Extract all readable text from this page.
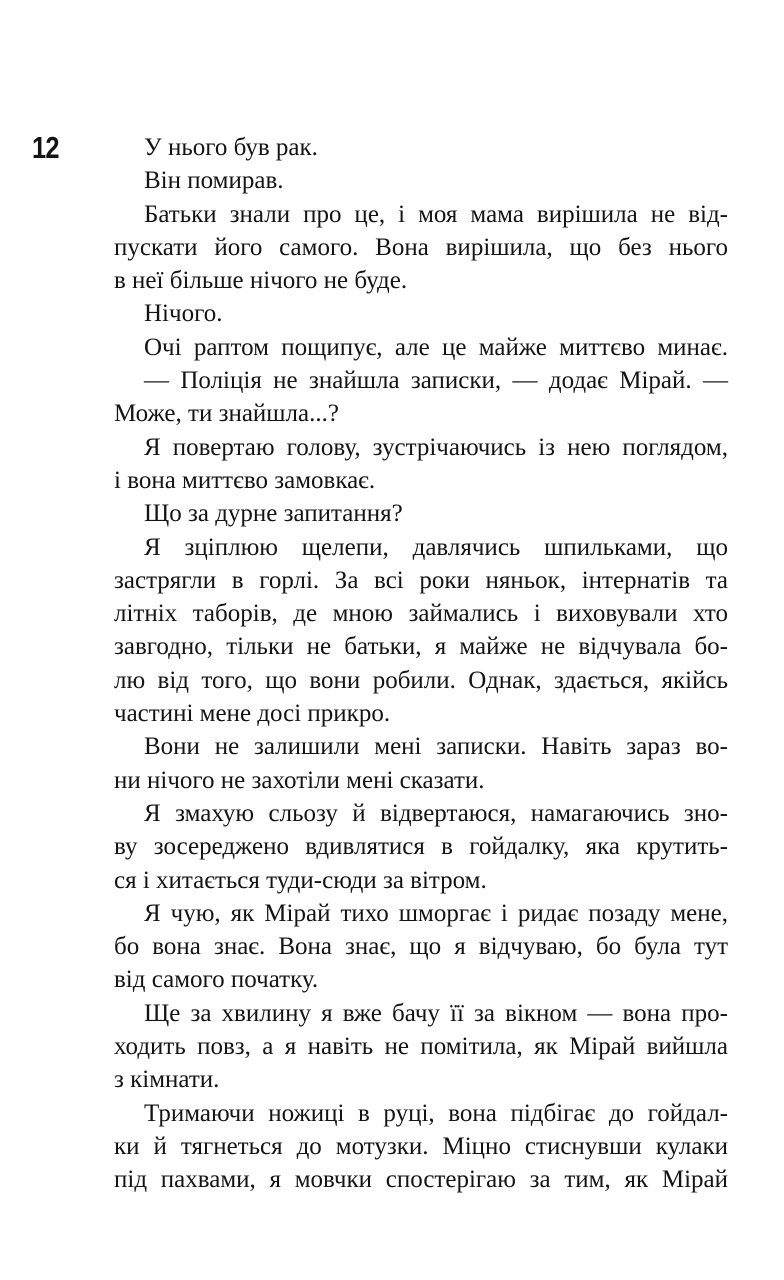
12	У нього був рак.
Він помирав.
Батьки знали про це, і моя мама вирішила не від-
пускати його самого. Вона вирішила, що без нього
в неї більше нічого не буде.
Нічого.
Очі раптом пощипує, але це майже миттєво минає.
— Поліція не знайшла записки, — додає Мірай. —
Може, ти знайшла...?
Я повертаю голову, зустрічаючись із нею поглядом,
і вона миттєво замовкає.
Що за дурне запитання?
Я зціплюю щелепи, давлячись шпильками, що
застрягли в горлі. За всі роки няньок, інтернатів та
літніх таборів, де мною займались і виховували хто
завгодно, тільки не батьки, я майже не відчувала бо-
лю від того, що вони робили. Однак, здається, якійсь
частині мене досі прикро.
Вони не залишили мені записки. Навіть зараз во-
ни нічого не захотіли мені сказати.
Я змахую сльозу й відвертаюся, намагаючись зно-
ву зосереджено вдивлятися в гойдалку, яка крутить-
ся і хитається туди-сюди за вітром.
Я чую, як Мірай тихо шморгає і ридає позаду мене,
бо вона знає. Вона знає, що я відчуваю, бо була тут
від самого початку.
Ще за хвилину я вже бачу її за вікном — вона про-
ходить повз, а я навіть не помітила, як Мірай вийшла
з кімнати.
Тримаючи ножиці в руці, вона підбігає до гойдал-
ки й тягнеться до мотузки. Міцно стиснувши кулаки
під пахвами, я мовчки спостерігаю за тим, як Мірай
